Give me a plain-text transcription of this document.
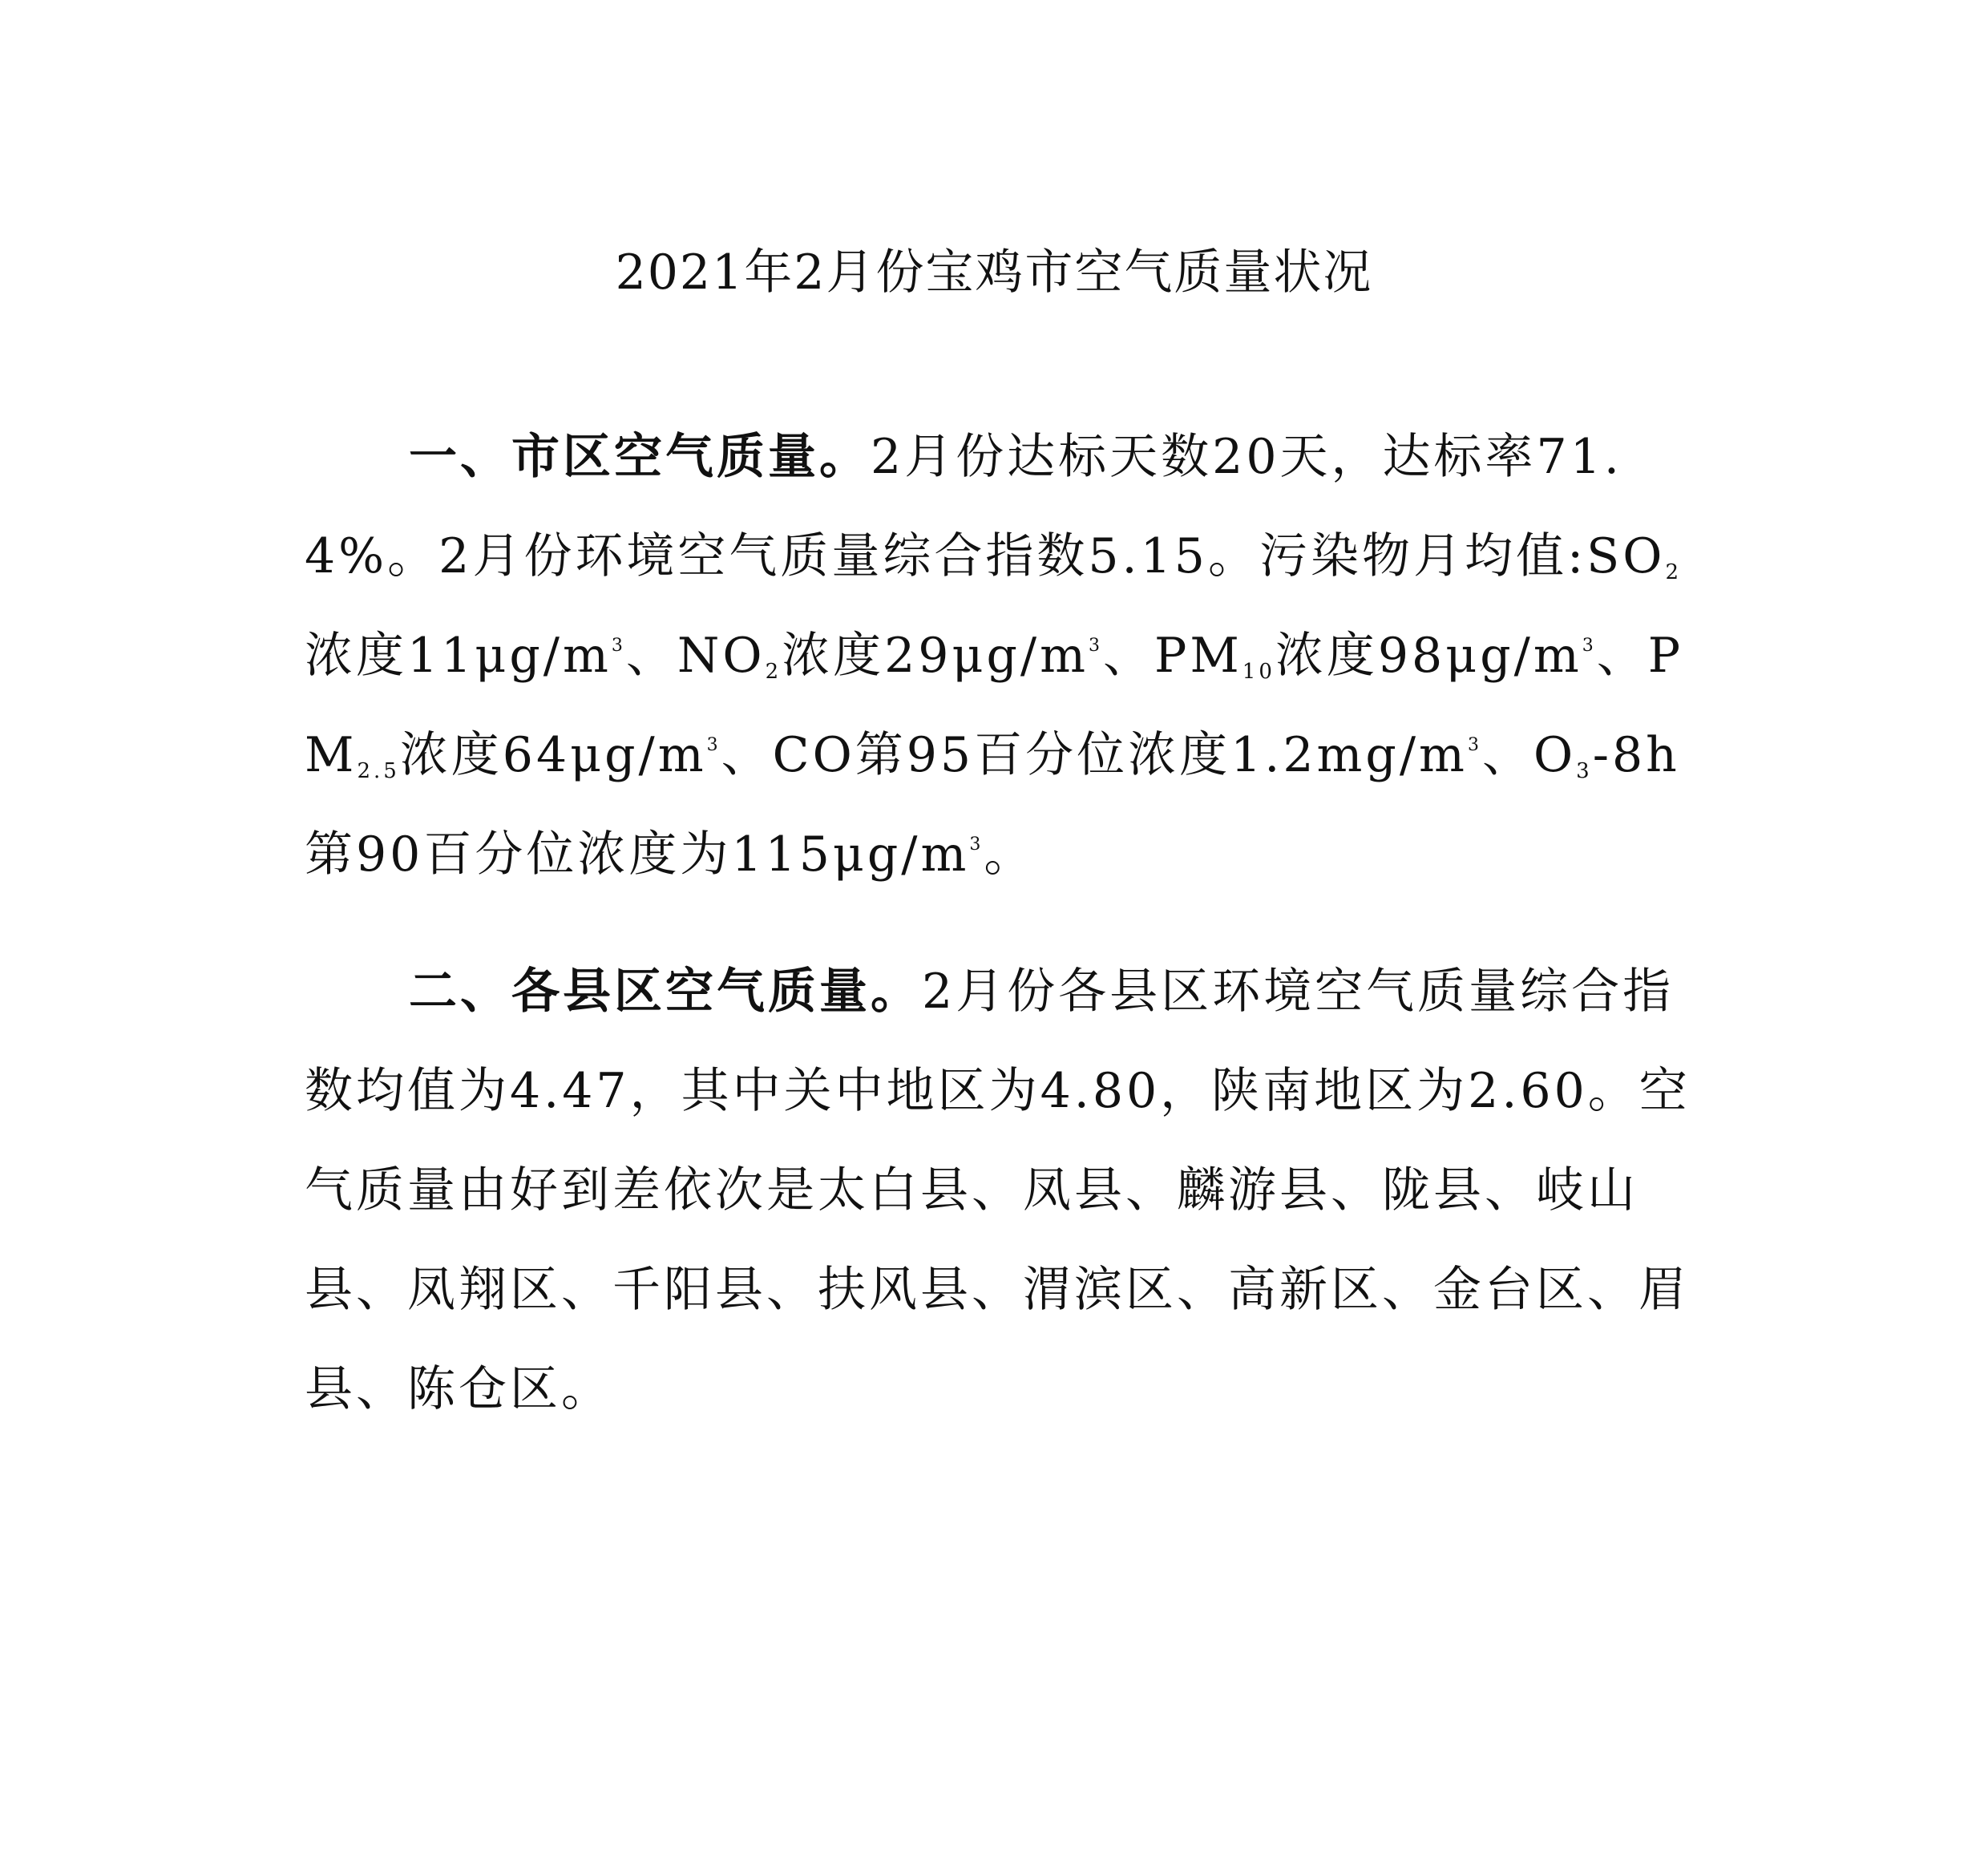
2021年2月份宝鸡市空气质量状况

一、市区空气质量。2月份达标天数20天，达标率71.4%。2月份环境空气质量综合指数5.15。污染物月均值$:SO_2$浓度$11\mu g/m^3$、$NO_2$浓度$29\mu g/m^3$、$PM_{10}$浓度$98\mu g/m^3$、$PM_{2.5}$浓度$64\mu g/m^3$、CO第95百分位浓度$1.2mg/m^3$、$O_3-8h$第90百分位浓度为$115\mu g/m^3$。

二、各县区空气质量。2月份各县区环境空气质量综合指数均值为4.47，其中关中地区为4.80，陕南地区为2.60。空气质量由好到差依次是太白县、凤县、麟游县、陇县、岐山县、凤翔区、千阳县、扶风县、渭滨区、高新区、金台区、眉县、陈仓区。
